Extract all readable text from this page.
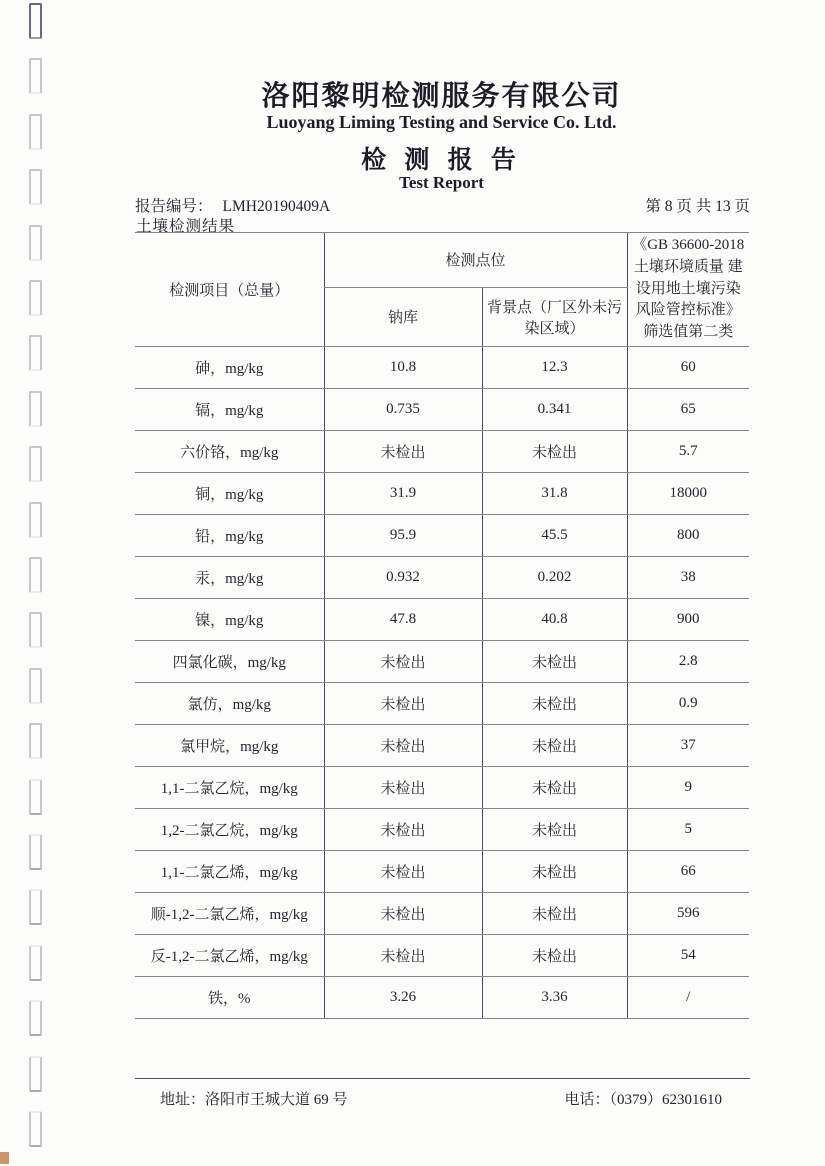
洛阳黎明检测服务有限公司
Luoyang Liming Testing and Service Co. Ltd.
检 测 报 告
Test Report
报告编号： LMH20190409A	第 8 页 共 13 页
土壤检测结果
检测项目（总量）	检测点位		《GB 36600-2018 土壤环境质量 建设用地土壤污染风险管控标准》筛选值第二类
	钠库	背景点（厂区外未污染区域）	
砷，mg/kg	10.8	12.3	60
镉，mg/kg	0.735	0.341	65
六价铬，mg/kg	未检出	未检出	5.7
铜，mg/kg	31.9	31.8	18000
铅，mg/kg	95.9	45.5	800
汞，mg/kg	0.932	0.202	38
镍，mg/kg	47.8	40.8	900
四氯化碳，mg/kg	未检出	未检出	2.8
氯仿，mg/kg	未检出	未检出	0.9
氯甲烷，mg/kg	未检出	未检出	37
1,1-二氯乙烷，mg/kg	未检出	未检出	9
1,2-二氯乙烷，mg/kg	未检出	未检出	5
1,1-二氯乙烯，mg/kg	未检出	未检出	66
顺-1,2-二氯乙烯，mg/kg	未检出	未检出	596
反-1,2-二氯乙烯，mg/kg	未检出	未检出	54
铁，%	3.26	3.36	/
地址：洛阳市王城大道 69 号	电话：（0379）62301610
